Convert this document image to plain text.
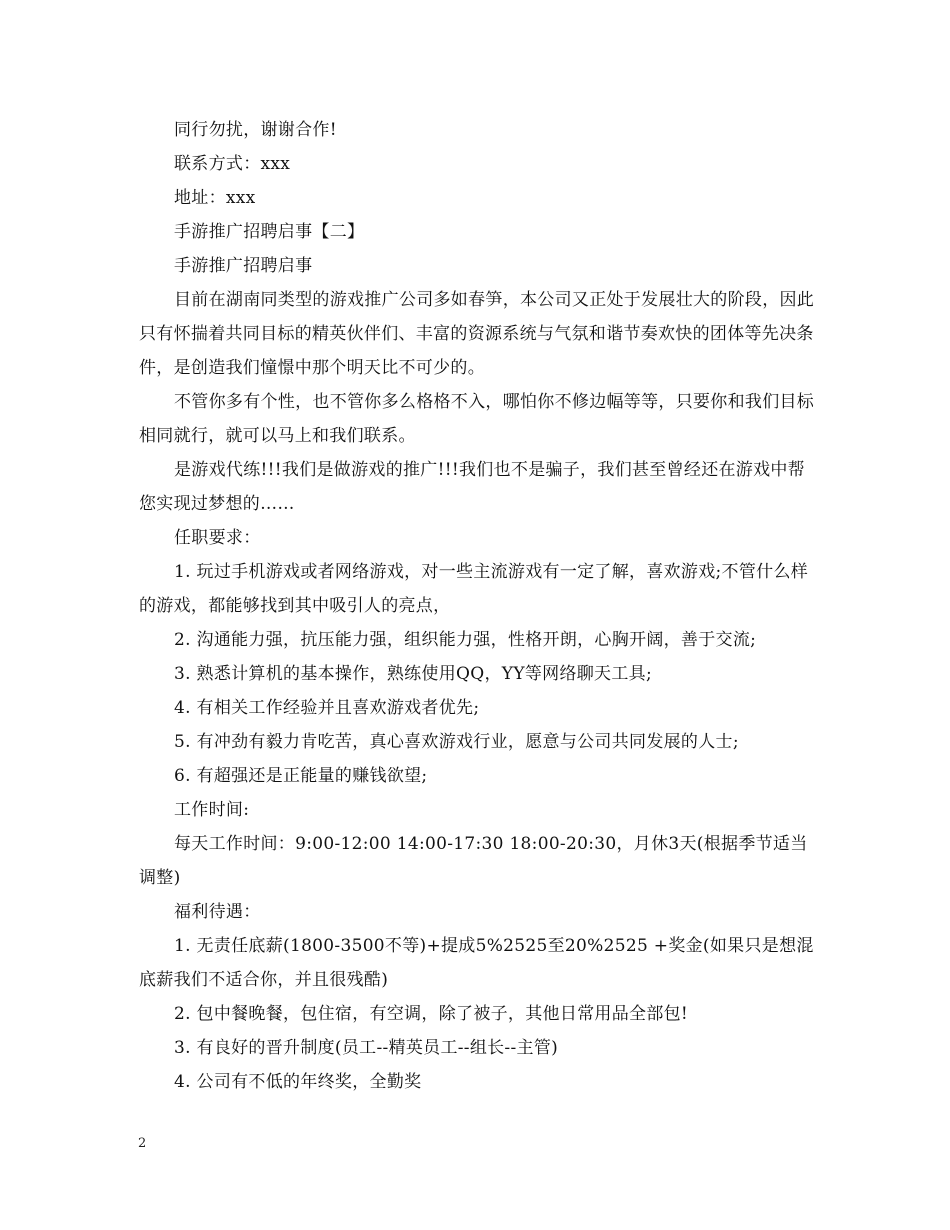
同行勿扰，谢谢合作!

联系方式：xxx

地址：xxx

手游推广招聘启事【二】

手游推广招聘启事

目前在湖南同类型的游戏推广公司多如春笋，本公司又正处于发展壮大的阶段，因此只有怀揣着共同目标的精英伙伴们、丰富的资源系统与气氛和谐节奏欢快的团体等先决条件，是创造我们憧憬中那个明天比不可少的。

不管你多有个性，也不管你多么格格不入，哪怕你不修边幅等等，只要你和我们目标相同就行，就可以马上和我们联系。

是游戏代练!!!我们是做游戏的推广!!!我们也不是骗子，我们甚至曾经还在游戏中帮您实现过梦想的……

任职要求：

1. 玩过手机游戏或者网络游戏，对一些主流游戏有一定了解，喜欢游戏;不管什么样的游戏，都能够找到其中吸引人的亮点，

2. 沟通能力强，抗压能力强，组织能力强，性格开朗，心胸开阔，善于交流;

3. 熟悉计算机的基本操作，熟练使用QQ，YY等网络聊天工具;

4. 有相关工作经验并且喜欢游戏者优先;

5. 有冲劲有毅力肯吃苦，真心喜欢游戏行业，愿意与公司共同发展的人士;

6. 有超强还是正能量的赚钱欲望;

工作时间:

每天工作时间：9:00-12:00 14:00-17:30 18:00-20:30，月休3天(根据季节适当调整)

福利待遇：

1. 无责任底薪(1800-3500不等)+提成5%2525至20%2525 +奖金(如果只是想混底薪我们不适合你，并且很残酷)

2. 包中餐晚餐，包住宿，有空调，除了被子，其他日常用品全部包!

3. 有良好的晋升制度(员工--精英员工--组长--主管)

4. 公司有不低的年终奖，全勤奖

2
